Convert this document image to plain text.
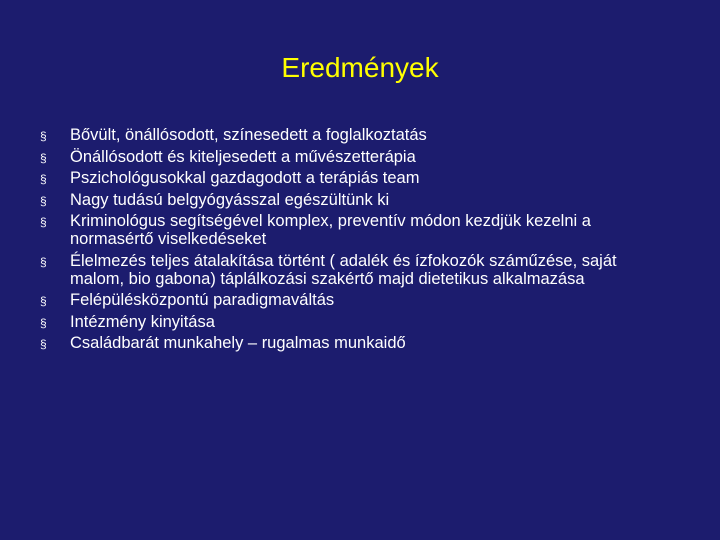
Eredmények
§	Bővült, önállósodott, színesedett a foglalkoztatás
§	Önállósodott és kiteljesedett a művészetterápia
§	Pszichológusokkal gazdagodott a terápiás team
§	Nagy tudású belgyógyásszal egészültünk ki
§	Kriminológus segítségével komplex, preventív módon kezdjük kezelni a normasértő viselkedéseket
§	Élelmezés teljes átalakítása történt ( adalék és ízfokozók száműzése, saját malom, bio gabona) táplálkozási szakértő majd dietetikus alkalmazása
§	Felépülésközpontú paradigmaváltás
§	Intézmény kinyitása
§	Családbarát munkahely – rugalmas munkaidő
